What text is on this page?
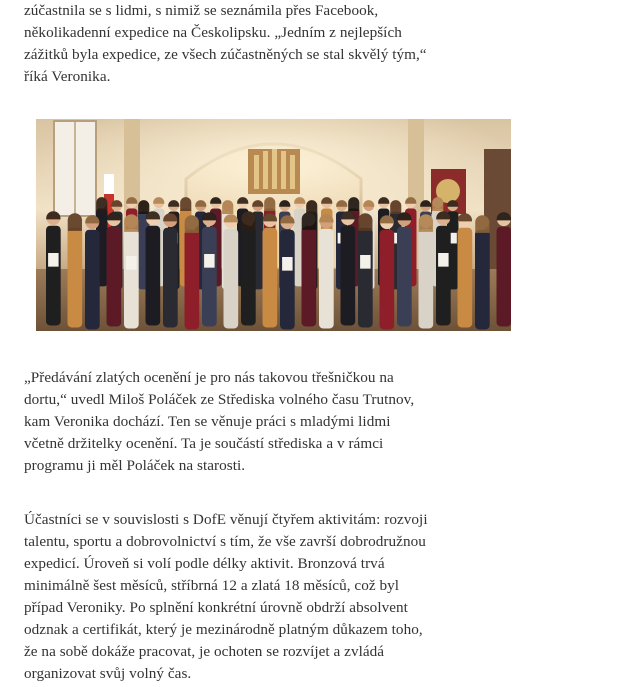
zúčastnila se s lidmi, s nimiž se seznámila přes Facebook,
několikadenní expedice na Českolipsku. „Jedním z nejlepších
zážitků byla expedice, ze všech zúčastněných se stal skvělý tým,“
říká Veronika.

„Předávání zlatých ocenění je pro nás takovou třešničkou na
dortu,“ uvedl Miloš Poláček ze Střediska volného času Trutnov,
kam Veronika dochází. Ten se věnuje práci s mladými lidmi
včetně držitelky ocenění. Ta je součástí střediska a v rámci
programu ji měl Poláček na starosti.

Účastníci se v souvislosti s DofE věnují čtyřem aktivitám: rozvoji
talentu, sportu a dobrovolnictví s tím, že vše završí dobrodružnou
expedicí. Úroveň si volí podle délky aktivit. Bronzová trvá
minimálně šest měsíců, stříbrná 12 a zlatá 18 měsíců, což byl
případ Veroniky. Po splnění konkrétní úrovně obdrží absolvent
odznak a certifikát, který je mezinárodně platným důkazem toho,
že na sobě dokáže pracovat, je ochoten se rozvíjet a zvládá
organizovat svůj volný čas.
